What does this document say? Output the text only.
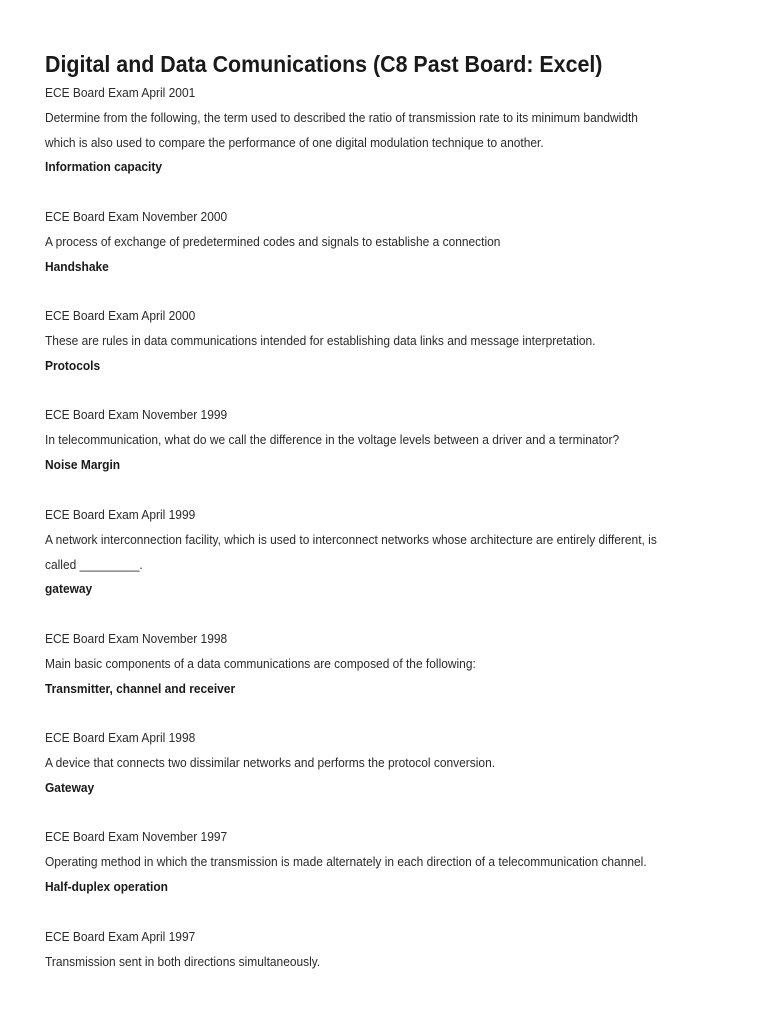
Digital and Data Comunications (C8 Past Board: Excel)
ECE Board Exam April 2001
Determine from the following, the term used to described the ratio of transmission rate to its minimum bandwidth
which is also used to compare the performance of one digital modulation technique to another.
Information capacity
ECE Board Exam November 2000
A process of exchange of predetermined codes and signals to establishe a connection
Handshake
ECE Board Exam April 2000
These are rules in data communications intended for establishing data links and message interpretation.
Protocols
ECE Board Exam November 1999
In telecommunication, what do we call the difference in the voltage levels between a driver and a terminator?
Noise Margin
ECE Board Exam April 1999
A network interconnection facility, which is used to interconnect networks whose architecture are entirely different, is
called _________.
gateway
ECE Board Exam November 1998
Main basic components of a data communications are composed of the following:
Transmitter, channel and receiver
ECE Board Exam April 1998
A device that connects two dissimilar networks and performs the protocol conversion.
Gateway
ECE Board Exam November 1997
Operating method in which the transmission is made alternately in each direction of a telecommunication channel.
Half-duplex operation
ECE Board Exam April 1997
Transmission sent in both directions simultaneously.
